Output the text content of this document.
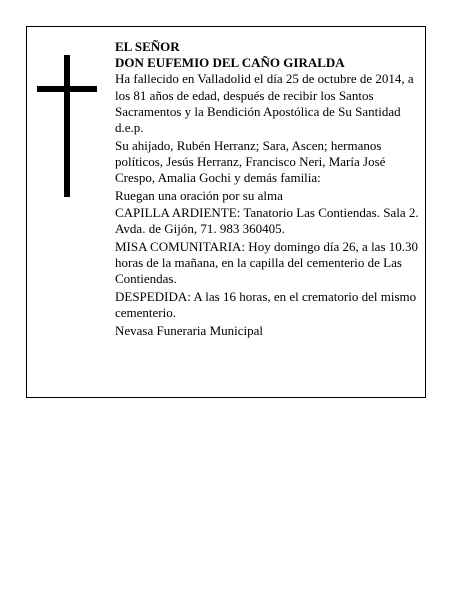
EL SEÑOR

DON EUFEMIO DEL CAÑO GIRALDA

Ha fallecido en Valladolid el día 25 de octubre de 2014, a los 81 años de edad, después de recibir los Santos Sacramentos y la Bendición Apostólica de Su Santidad d.e.p.

Su ahijado, Rubén Herranz; Sara, Ascen; hermanos políticos, Jesús Herranz, Francisco Neri, María José Crespo, Amalia Gochi y demás familia:

Ruegan una oración por su alma

CAPILLA ARDIENTE: Tanatorio Las Contiendas. Sala 2. Avda. de Gijón, 71. 983 360405.

MISA COMUNITARIA: Hoy domingo día 26, a las 10.30 horas de la mañana, en la capilla del cementerio de Las Contiendas.

DESPEDIDA: A las 16 horas, en el crematorio del mismo cementerio.

Nevasa Funeraria Municipal
